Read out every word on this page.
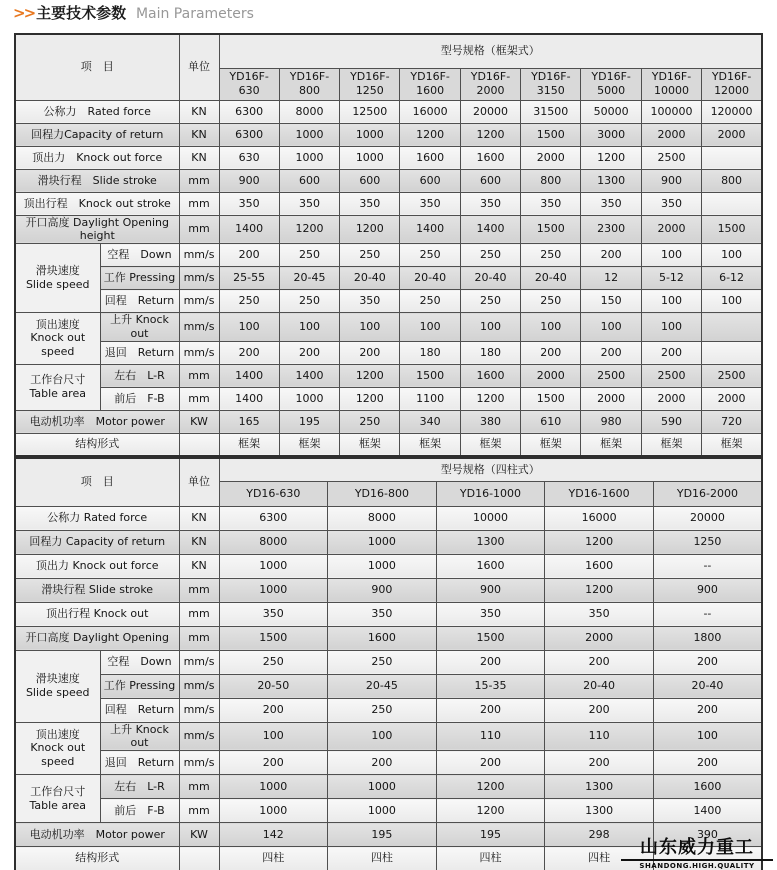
>> 主要技术参数 Main Parameters
项　目		单位	型号规格（框架式）								
			YD16F-630	YD16F-800	YD16F-1250	YD16F-1600	YD16F-2000	YD16F-3150	YD16F-5000	YD16F-10000	YD16F-12000
公称力　Rated force		KN	6300	8000	12500	16000	20000	31500	50000	100000	120000
回程力Capacity of return		KN	6300	1000	1000	1200	1200	1500	3000	2000	2000
顶出力　Knock out force		KN	630	1000	1000	1600	1600	2000	1200	2500	
滑块行程　Slide stroke		mm	900	600	600	600	600	800	1300	900	800
顶出行程　Knock out stroke		mm	350	350	350	350	350	350	350	350	
开口高度 Daylight Opening height		mm	1400	1200	1200	1400	1400	1500	2300	2000	1500

滑块速度
Slide speed	空程　Down	mm/s	200	250	250	250	250	250	200	100	100
	工作 Pressing	mm/s	25-55	20-45	20-40	20-40	20-40	20-40	12	5-12	6-12
	回程　Return	mm/s	250	250	350	250	250	250	150	100	100

顶出速度
Knock out speed	上升 Knock out	mm/s	100	100	100	100	100	100	100	100	
	退回　Return	mm/s	200	200	200	180	180	200	200	200	

工作台尺寸
Table area	左右　L-R	mm	1400	1400	1200	1500	1600	2000	2500	2500	2500
	前后　F-B	mm	1400	1000	1200	1100	1200	1500	2000	2000	2000
电动机功率　Motor power		KW	165	195	250	340	380	610	980	590	720
结构形式			框架	框架	框架	框架	框架	框架	框架	框架	框架
项　目		单位	型号规格（四柱式）				
			YD16-630	YD16-800	YD16-1000	YD16-1600	YD16-2000
公称力 Rated force		KN	6300	8000	10000	16000	20000
回程力 Capacity of return		KN	8000	1000	1300	1200	1250
顶出力 Knock out force		KN	1000	1000	1600	1600	--
滑块行程 Slide stroke		mm	1000	900	900	1200	900
顶出行程 Knock out		mm	350	350	350	350	--
开口高度 Daylight Opening		mm	1500	1600	1500	2000	1800

滑块速度
Slide speed	空程　Down	mm/s	250	250	200	200	200
	工作 Pressing	mm/s	20-50	20-45	15-35	20-40	20-40
	回程　Return	mm/s	200	250	200	200	200

顶出速度
Knock out speed	上升 Knock out	mm/s	100	100	110	110	100
	退回　Return	mm/s	200	200	200	200	200

工作台尺寸
Table area	左右　L-R	mm	1000	1000	1200	1300	1600
	前后　F-B	mm	1000	1000	1200	1300	1400
电动机功率　Motor power		KW	142	195	195	298	390
结构形式			四柱	四柱	四柱	四柱		山东威力重工
SHANDONG.HIGH.QUALITY
